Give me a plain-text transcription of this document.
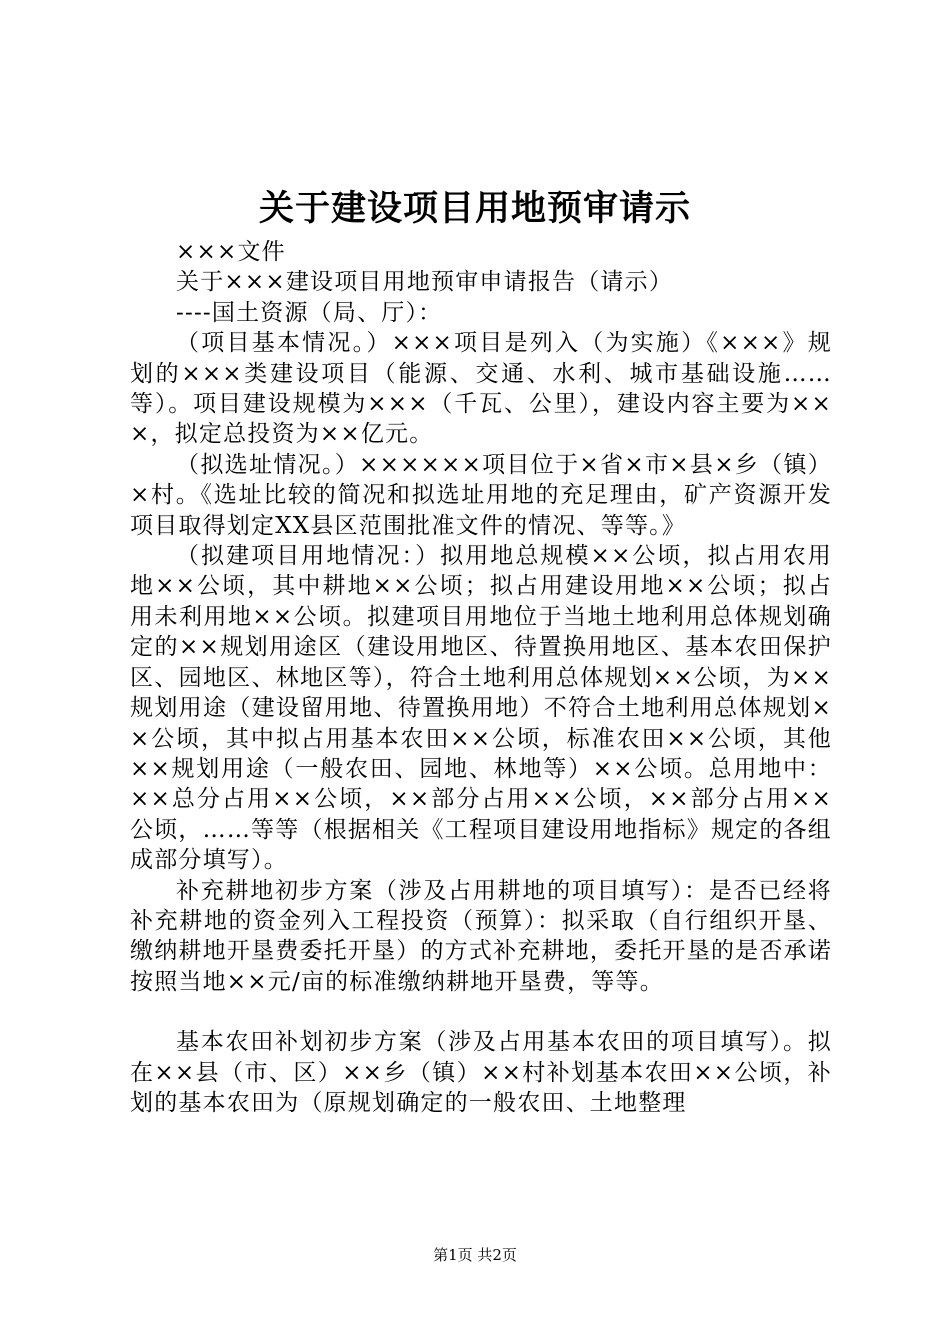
关于建设项目用地预审请示

×××文件

关于×××建设项目用地预审申请报告（请示）

----国土资源（局、厅）：

（项目基本情况。）×××项目是列入（为实施）《×××》规划的×××类建设项目（能源、交通、水利、城市基础设施……等）。项目建设规模为×××（千瓦、公里），建设内容主要为×××，拟定总投资为××亿元。

（拟选址情况。）××××××项目位于×省×市×县×乡（镇）×村。《选址比较的简况和拟选址用地的充足理由，矿产资源开发项目取得划定XX县区范围批准文件的情况、等等。》

（拟建项目用地情况：）拟用地总规模××公顷，拟占用农用地××公顷，其中耕地××公顷；拟占用建设用地××公顷；拟占用未利用地××公顷。拟建项目用地位于当地土地利用总体规划确定的××规划用途区（建设用地区、待置换用地区、基本农田保护区、园地区、林地区等），符合土地利用总体规划××公顷，为××规划用途（建设留用地、待置换用地）不符合土地利用总体规划××公顷，其中拟占用基本农田××公顷，标准农田××公顷，其他××规划用途（一般农田、园地、林地等）××公顷。总用地中：××总分占用××公顷，××部分占用××公顷，××部分占用××公顷，……等等（根据相关《工程项目建设用地指标》规定的各组成部分填写）。

补充耕地初步方案（涉及占用耕地的项目填写）：是否已经将补充耕地的资金列入工程投资（预算）：拟采取（自行组织开垦、缴纳耕地开垦费委托开垦）的方式补充耕地，委托开垦的是否承诺按照当地××元/亩的标准缴纳耕地开垦费，等等。

基本农田补划初步方案（涉及占用基本农田的项目填写）。拟在××县（市、区）××乡（镇）××村补划基本农田××公顷，补划的基本农田为（原规划确定的一般农田、土地整理

第1页 共2页
